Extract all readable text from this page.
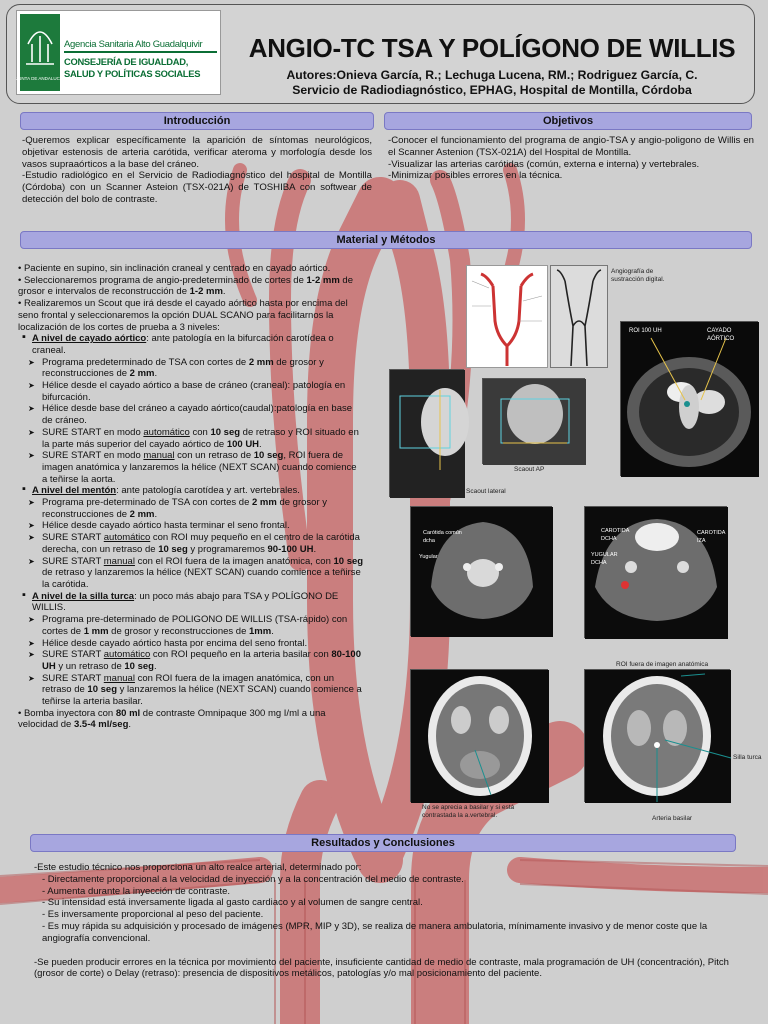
JUNTA DE ANDALUCIA
Agencia Sanitaria Alto Guadalquivir
CONSEJERÍA DE IGUALDAD, SALUD Y POLÍTICAS SOCIALES
ANGIO-TC TSA Y POLÍGONO DE WILLIS
Autores:Onieva García, R.; Lechuga Lucena, RM.; Rodriguez García, C.
Servicio de Radiodiagnóstico, EPHAG, Hospital de Montilla, Córdoba
Introducción	Objetivos

-Queremos explicar específicamente la aparición de síntomas neurológicos, objetivar estenosis de arteria carótida, verificar ateroma y morfología desde los vasos supraaórticos a la base del cráneo.

-Estudio radiológico en el Servicio de Radiodiagnóstico del hospital de Montilla (Córdoba) con un Scanner Asteion (TSX-021A) de TOSHIBA con softwear de detección del bolo de contraste.

-Conocer el funcionamiento del programa de angio-TSA y angio-poligono de Willis en el Scanner Astenion (TSX-021A) del Hospital de Montilla.

-Visualizar las arterias carótidas (común, externa e interna) y vertebrales.

-Minimizar posibles errores en la técnica.

Material y Métodos

• Paciente en supino, sin inclinación craneal y centrado en cayado aórtico.

• Seleccionaremos programa de angio-predeterminado de cortes de 1-2 mm de grosor e intervalos de reconstrucción de 1-2 mm.

• Realizaremos un Scout que irá desde el cayado aórtico hasta por encima del seno frontal y seleccionaremos la opción DUAL SCANO para facilitarnos la localización de los cortes de prueba a 3 niveles:

▪ A nivel de cayado aórtico: ante patología en la bifurcación carotídea o craneal.

➤ Programa predeterminado de TSA con cortes de 2 mm de grosor y reconstrucciones de 2 mm.

➤ Hélice desde el cayado aórtico a base de cráneo (craneal): patología en bifurcación.

➤ Hélice desde base del cráneo a cayado aórtico(caudal):patología en base de cráneo.

➤ SURE START en modo automático con 10 seg de retraso y ROI situado en la parte más superior del cayado aórtico de 100 UH.

➤ SURE START en modo manual con un retraso de 10 seg, ROI fuera de imagen anatómica y lanzaremos la hélice (NEXT SCAN) cuando comience a teñirse la aorta.

▪ A nivel del mentón: ante patología carotídea y art. vertebrales.

➤ Programa pre-determinado de TSA con cortes de 2 mm de grosor y reconstrucciones de 2 mm.

➤ Hélice desde cayado aórtico hasta terminar el seno frontal.

➤ SURE START automático con ROI muy pequeño en el centro de la carótida derecha, con un retraso de 10 seg y programaremos 90-100 UH.

➤ SURE START manual con el ROI fuera de la imagen anatómica, con 10 seg de retraso y lanzaremos la hélice (NEXT SCAN) cuando comience a teñirse la carótida.

▪ A nivel de la silla turca: un poco más abajo para TSA y POLÍGONO DE WILLIS.

➤ Programa pre-determinado de POLIGONO DE WILLIS (TSA-rápido) con cortes de 1 mm de grosor y reconstrucciones de 1mm.

➤ Hélice desde cayado aórtico hasta por encima del seno frontal.

➤ SURE START automático con ROI pequeño en la arteria basilar con 80-100 UH y un retraso de 10 seg.

➤ SURE START manual con ROI fuera de la imagen anatómica, con un retraso de 10 seg y lanzaremos la hélice (NEXT SCAN) cuando comience a teñirse la arteria basilar.

• Bomba inyectora con 80 ml de contraste Omnipaque 300 mg I/ml a una velocidad de 3.5-4 ml/seg.

Angiografía de sustracción digital.
ROI 100 UH	CAYADO AÓRTICO
Scaout AP
Scaout lateral
Carótida común dcha
Yugular
CAROTIDA DCHA
YUGULAR DCHA
CAROTIDA IZA
ROI fuera de imagen anatómica
Silla turca
No se aprecia a basilar y si está contrastada la a.vertebral.	Arteria basilar
Resultados y Conclusiones

-Este estudio técnico nos proporciona un alto realce arterial, determinado por:

- Directamente proporcional a la velocidad de inyección y a la concentración del medio de contraste.

- Aumenta durante la inyección de contraste.

- Su intensidad está inversamente ligada al gasto cardiaco y al volumen de sangre central.

- Es inversamente proporcional al peso del paciente.

- Es muy rápida su adquisición y procesado de imágenes (MPR, MIP y 3D), se realiza de manera ambulatoria, mínimamente invasivo y de menor coste que la angiografía convencional.

-Se pueden producir errores en la técnica por movimiento del paciente, insuficiente cantidad de medio de contraste, mala programación de UH (concentración), Pitch (grosor de corte) o Delay (retraso): presencia de dispositivos metálicos, patologías y/o mal posicionamiento del paciente.
